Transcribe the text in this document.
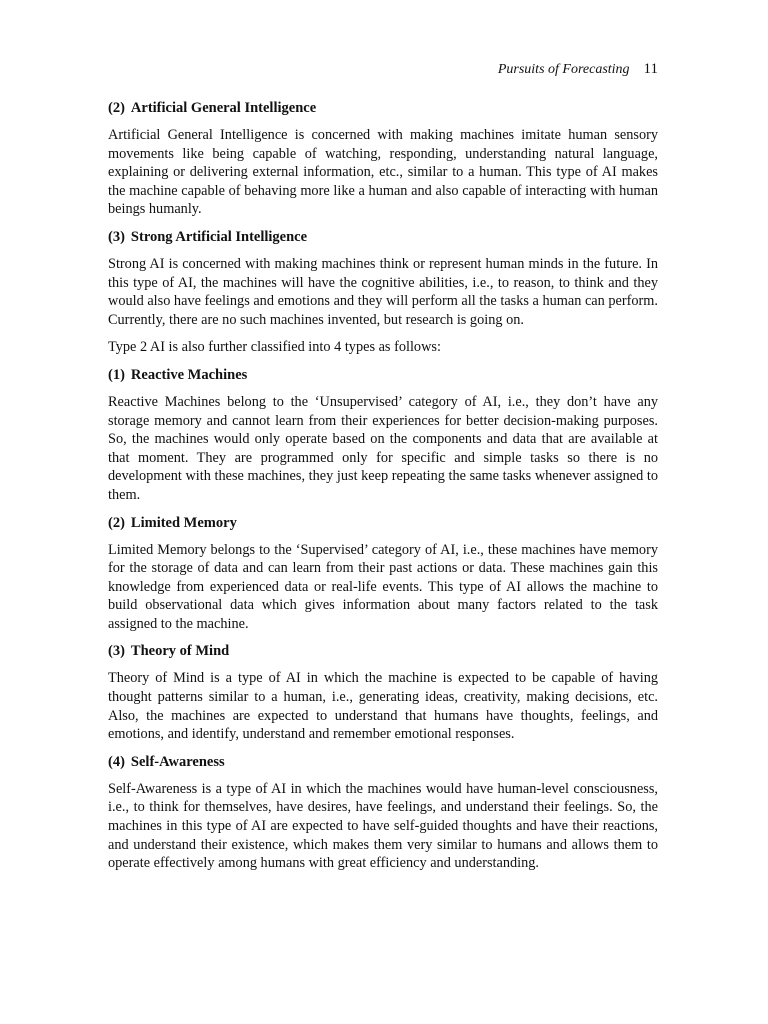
Pursuits of Forecasting 11
(2) Artificial General Intelligence

Artificial General Intelligence is concerned with making machines imitate human sensory movements like being capable of watching, responding, understanding natural language, explaining or delivering external information, etc., similar to a human. This type of AI makes the machine capable of behaving more like a human and also capable of interacting with human beings humanly.

(3) Strong Artificial Intelligence

Strong AI is concerned with making machines think or represent human minds in the future. In this type of AI, the machines will have the cognitive abilities, i.e., to reason, to think and they would also have feelings and emotions and they will perform all the tasks a human can perform. Currently, there are no such machines invented, but research is going on.

Type 2 AI is also further classified into 4 types as follows:

(1) Reactive Machines

Reactive Machines belong to the ‘Unsupervised’ category of AI, i.e., they don’t have any storage memory and cannot learn from their experiences for better decision-making purposes. So, the machines would only operate based on the components and data that are available at that moment. They are programmed only for specific and simple tasks so there is no development with these machines, they just keep repeating the same tasks whenever assigned to them.

(2) Limited Memory

Limited Memory belongs to the ‘Supervised’ category of AI, i.e., these machines have memory for the storage of data and can learn from their past actions or data. These machines gain this knowledge from experienced data or real-life events. This type of AI allows the machine to build observational data which gives information about many factors related to the task assigned to the machine.

(3) Theory of Mind

Theory of Mind is a type of AI in which the machine is expected to be capable of having thought patterns similar to a human, i.e., generating ideas, creativity, making decisions, etc. Also, the machines are expected to understand that humans have thoughts, feelings, and emotions, and identify, understand and remember emotional responses.

(4) Self-Awareness

Self-Awareness is a type of AI in which the machines would have human-level consciousness, i.e., to think for themselves, have desires, have feelings, and understand their feelings. So, the machines in this type of AI are expected to have self-guided thoughts and have their reactions, and understand their existence, which makes them very similar to humans and allows them to operate effectively among humans with great efficiency and understanding.
